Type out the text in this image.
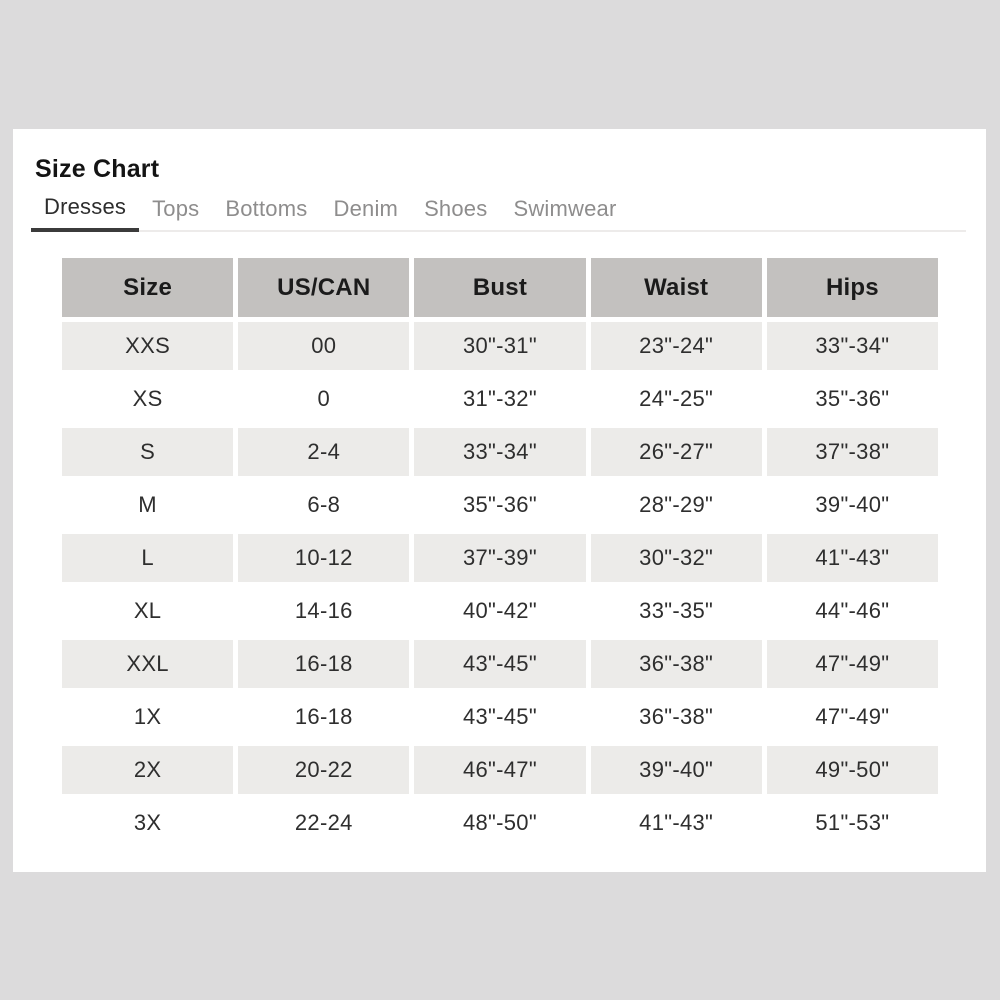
Size Chart
Dresses	Tops	Bottoms	Denim	Shoes	Swimwear
Size	US/CAN	Bust	Waist	Hips
XXS	00	30"-31"	23"-24"	33"-34"
XS	0	31"-32"	24"-25"	35"-36"
S	2-4	33"-34"	26"-27"	37"-38"
M	6-8	35"-36"	28"-29"	39"-40"
L	10-12	37"-39"	30"-32"	41"-43"
XL	14-16	40"-42"	33"-35"	44"-46"
XXL	16-18	43"-45"	36"-38"	47"-49"
1X	16-18	43"-45"	36"-38"	47"-49"
2X	20-22	46"-47"	39"-40"	49"-50"
3X	22-24	48"-50"	41"-43"	51"-53"
